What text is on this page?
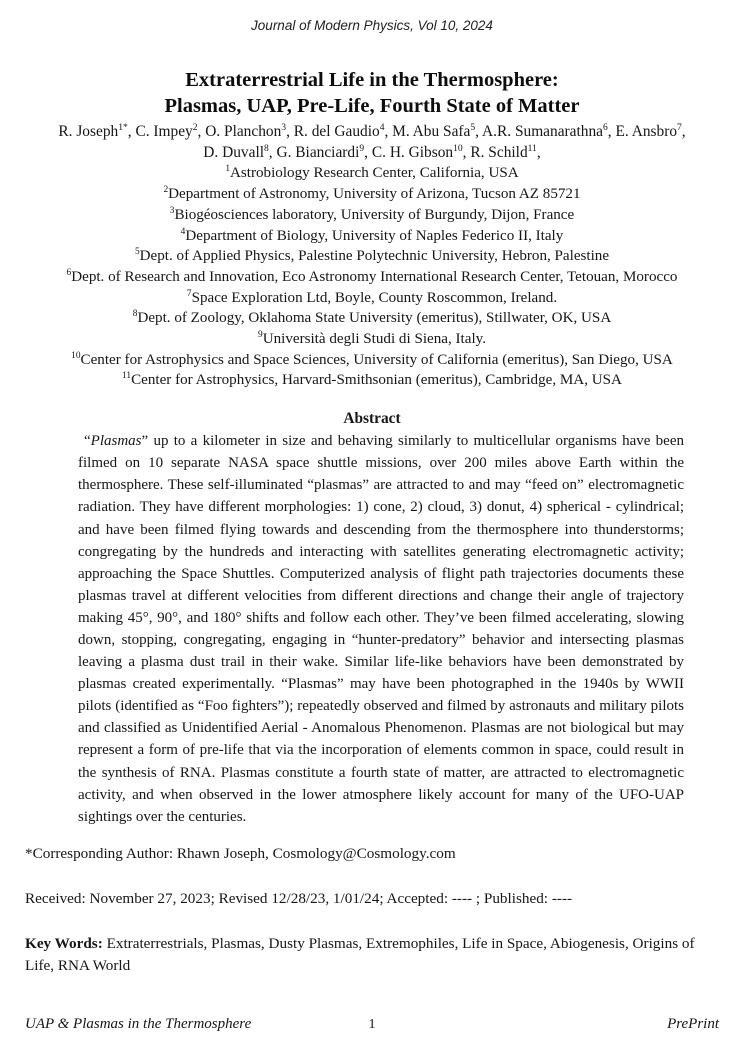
Journal of Modern Physics, Vol 10, 2024
Extraterrestrial Life in the Thermosphere:
Plasmas, UAP, Pre-Life, Fourth State of Matter
R. Joseph$^{1*}$, C. Impey$^2$, O. Planchon$^3$, R. del Gaudio$^4$, M. Abu Safa$^5$, A.R. Sumanarathna$^6$, E. Ansbro$^7$,
D. Duvall$^8$, G. Bianciardi$^9$, C. H. Gibson$^{10}$, R. Schild$^{11}$,
$^1$Astrobiology Research Center, California, USA
$^2$Department of Astronomy, University of Arizona, Tucson AZ 85721
$^3$Biogéosciences laboratory, University of Burgundy, Dijon, France
$^4$Department of Biology, University of Naples Federico II, Italy
$^5$Dept. of Applied Physics, Palestine Polytechnic University, Hebron, Palestine
$^6$Dept. of Research and Innovation, Eco Astronomy International Research Center, Tetouan, Morocco
$^7$Space Exploration Ltd, Boyle, County Roscommon, Ireland.
$^8$Dept. of Zoology, Oklahoma State University (emeritus), Stillwater, OK, USA
$^9$Università degli Studi di Siena, Italy.
$^{10}$Center for Astrophysics and Space Sciences, University of California (emeritus), San Diego, USA
$^{11}$Center for Astrophysics, Harvard-Smithsonian (emeritus), Cambridge, MA, USA
Abstract

“Plasmas” up to a kilometer in size and behaving similarly to multicellular organisms have been filmed on 10 separate NASA space shuttle missions, over 200 miles above Earth within the thermosphere. These self-illuminated “plasmas” are attracted to and may “feed on” electromagnetic radiation. They have different morphologies: 1) cone, 2) cloud, 3) donut, 4) spherical - cylindrical; and have been filmed flying towards and descending from the thermosphere into thunderstorms; congregating by the hundreds and interacting with satellites generating electromagnetic activity; approaching the Space Shuttles. Computerized analysis of flight path trajectories documents these plasmas travel at different velocities from different directions and change their angle of trajectory making 45°, 90°, and 180° shifts and follow each other. They’ve been filmed accelerating, slowing down, stopping, congregating, engaging in “hunter-predatory” behavior and intersecting plasmas leaving a plasma dust trail in their wake. Similar life-like behaviors have been demonstrated by plasmas created experimentally. “Plasmas” may have been photographed in the 1940s by WWII pilots (identified as “Foo fighters”); repeatedly observed and filmed by astronauts and military pilots and classified as Unidentified Aerial - Anomalous Phenomenon. Plasmas are not biological but may represent a form of pre-life that via the incorporation of elements common in space, could result in the synthesis of RNA. Plasmas constitute a fourth state of matter, are attracted to electromagnetic activity, and when observed in the lower atmosphere likely account for many of the UFO-UAP sightings over the centuries.

*Corresponding Author: Rhawn Joseph, Cosmology@Cosmology.com
Received: November 27, 2023; Revised 12/28/23, 1/01/24; Accepted: ---- ; Published: ----
Key Words: Extraterrestrials, Plasmas, Dusty Plasmas, Extremophiles, Life in Space, Abiogenesis, Origins of Life, RNA World
UAP & Plasmas in the Thermosphere	1	PrePrint
